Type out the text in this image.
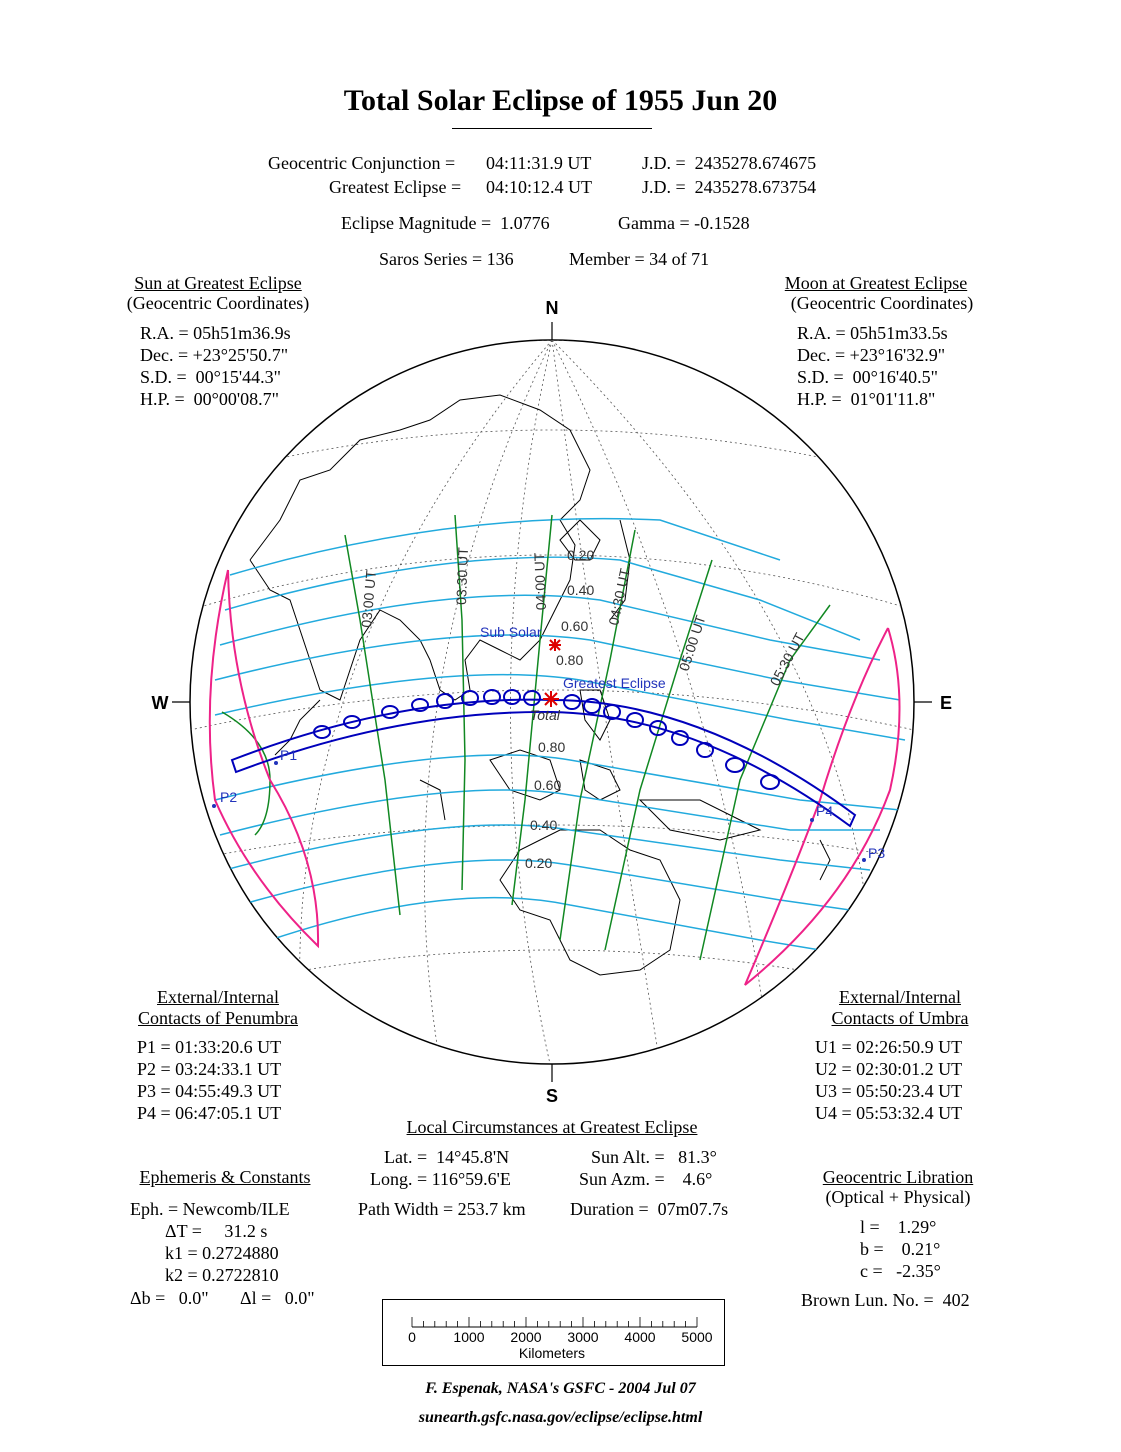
Total Solar Eclipse of 1955 Jun 20
Geocentric Conjunction = 04:11:31.9 UT	J.D. =  2435278.674675
Greatest Eclipse = 04:10:12.4 UT	J.D. =  2435278.673754
Eclipse Magnitude =  1.0776	Gamma = -0.1528
Saros Series = 136	Member = 34 of 71
Sun at Greatest Eclipse
(Geocentric Coordinates)
R.A. = 05h51m36.9s
Dec. = +23°25'50.7"
S.D. =  00°15'44.3"
H.P. =  00°00'08.7"
Moon at Greatest Eclipse
(Geocentric Coordinates)
R.A. = 05h51m33.5s
Dec. = +23°16'32.9"
S.D. =  00°16'40.5"
H.P. =  01°01'11.8"
N
S
W	E
Sub Solar
Greatest Eclipse
P1
P2
P3
P4
Total
0.20
0.40
0.60
0.80
0.80
0.60
0.40
0.20
03:00 UT	03:30 UT	04:00 UT	04:30 UT
05:00 UT	05:30 UT
External/Internal
Contacts of Penumbra
P1 = 01:33:20.6 UT
P2 = 03:24:33.1 UT
P3 = 04:55:49.3 UT
P4 = 06:47:05.1 UT
External/Internal
Contacts of Umbra
U1 = 02:26:50.9 UT
U2 = 02:30:01.2 UT
U3 = 05:50:23.4 UT
U4 = 05:53:32.4 UT
Local Circumstances at Greatest Eclipse
Lat. =  14°45.8'N
Long. = 116°59.6'E
Sun Alt. =   81.3°
Sun Azm. =    4.6°
Path Width = 253.7 km Duration =  07m07.7s
Ephemeris & Constants
Eph. = Newcomb/ILE
ΔT =     31.2 s
k1 = 0.2724880
k2 = 0.2722810
Δb =   0.0" Δl =   0.0"
Geocentric Libration
(Optical + Physical)
l =    1.29°
b =    0.21°
c =   -2.35°
Brown Lun. No. =  402
0	1000 2000 3000 4000 5000
Kilometers
F. Espenak, NASA's GSFC - 2004 Jul 07
sunearth.gsfc.nasa.gov/eclipse/eclipse.html
